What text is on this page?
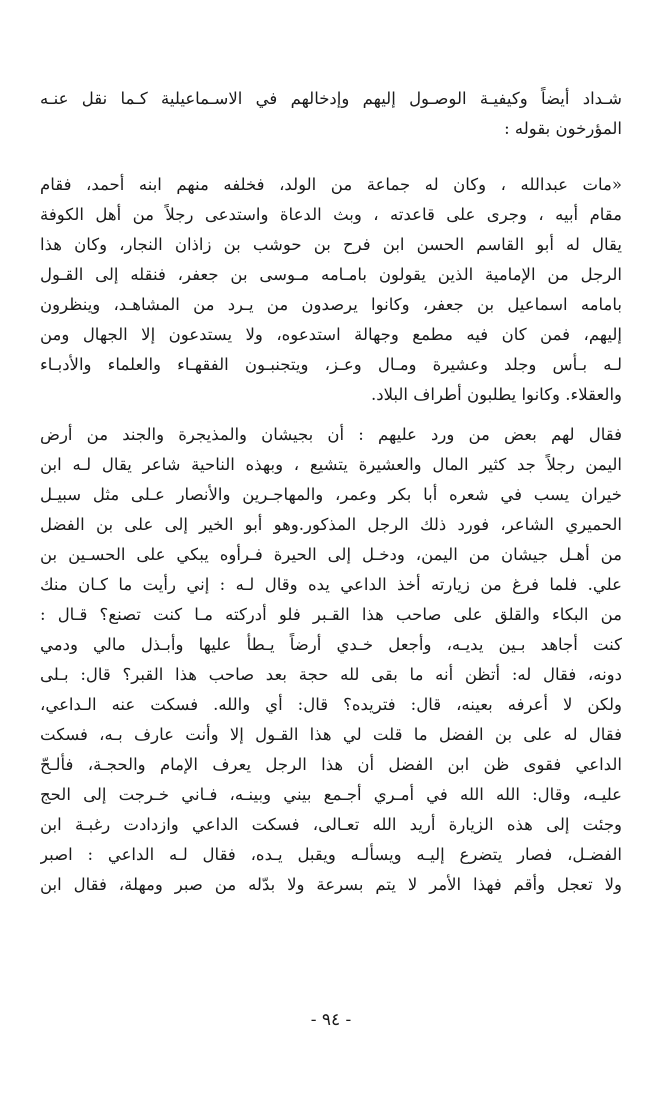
شـداد أيضاً وكيفيـة الوصـول إليهم وإدخالهم في الاسـماعيلية كـما نقل عنـه
المؤرخون بقوله :
«مات عبدالله ، وكان له جماعة من الولد، فخلفه منهم ابنه أحمد، فقام
مقام أبيه ، وجرى على قاعدته ، وبث الدعاة واستدعى رجلاً من أهل الكوفة
يقال له أبو القاسم الحسن ابن فرح بن حوشب بن زاذان النجار، وكان هذا
الرجل من الإمامية الذين يقولون بامـامه مـوسى بن جعفر، فنقله إلى القـول
بامامه اسماعيل بن جعفر، وكانوا يرصدون من يـرد من المشاهـد، وينظرون
إليهم، فمن كان فيه مطمع وجهالة استدعوه، ولا يستدعون إلا الجهال ومن
لـه بـأس وجلد وعشيرة ومـال وعـز، ويتجنبـون الفقهـاء والعلماء والأدبـاء
والعقلاء. وكانوا يطلبون أطراف البلاد.
فقال لهم بعض من ورد عليهم : أن بجيشان والمذيجرة والجند من أرض
اليمن رجلاً جد كثير المال والعشيرة يتشيع ، وبهذه الناحية شاعر يقال لـه ابن
خيران يسب في شعره أبا بكر وعمر، والمهاجـرين والأنصار عـلى مثل سبيـل
الحميري الشاعر، فورد ذلك الرجل المذكور.وهو أبو الخير إلى على بن الفضل
من أهـل جيشان من اليمن، ودخـل إلى الحيرة فـرأوه يبكي على الحسـين بن
علي. فلما فرغ من زيارته أخذ الداعي يده وقال لـه : إني رأيت ما كـان منك
من البكاء والقلق على صاحب هذا القـبر فلو أدركته مـا كنت تصنع؟ قـال :
كنت أجاهد بـين يديـه، وأجعل خـدي أرضاً يـطأ عليها وأبـذل مالي ودمي
دونه، فقال له: أتظن أنه ما بقى لله حجة بعد صاحب هذا القبر؟ قال: بـلى
ولكن لا أعرفه بعينه، قال: فتريده؟ قال: أي والله. فسكت عنه الـداعي،
فقال له على بن الفضل ما قلت لي هذا القـول إلا وأنت عارف بـه، فسكت
الداعي فقوى ظن ابن الفضل أن هذا الرجل يعرف الإمام والحجـة، فألـحّ
عليـه، وقال: الله الله في أمـري أجـمع بيني وبينـه، فـاني خـرجت إلى الحج
وجئت إلى هذه الزيارة أريد الله تعـالى، فسكت الداعي وازدادت رغبـة ابن
الفضـل، فصار يتضرع إليـه ويسألـه ويقبل يـده، فقال لـه الداعي : اصبر
ولا تعجل وأقم فهذا الأمر لا يتم بسرعة ولا بدّله من صبر ومهلة، فقال ابن
- ٩٤ -
